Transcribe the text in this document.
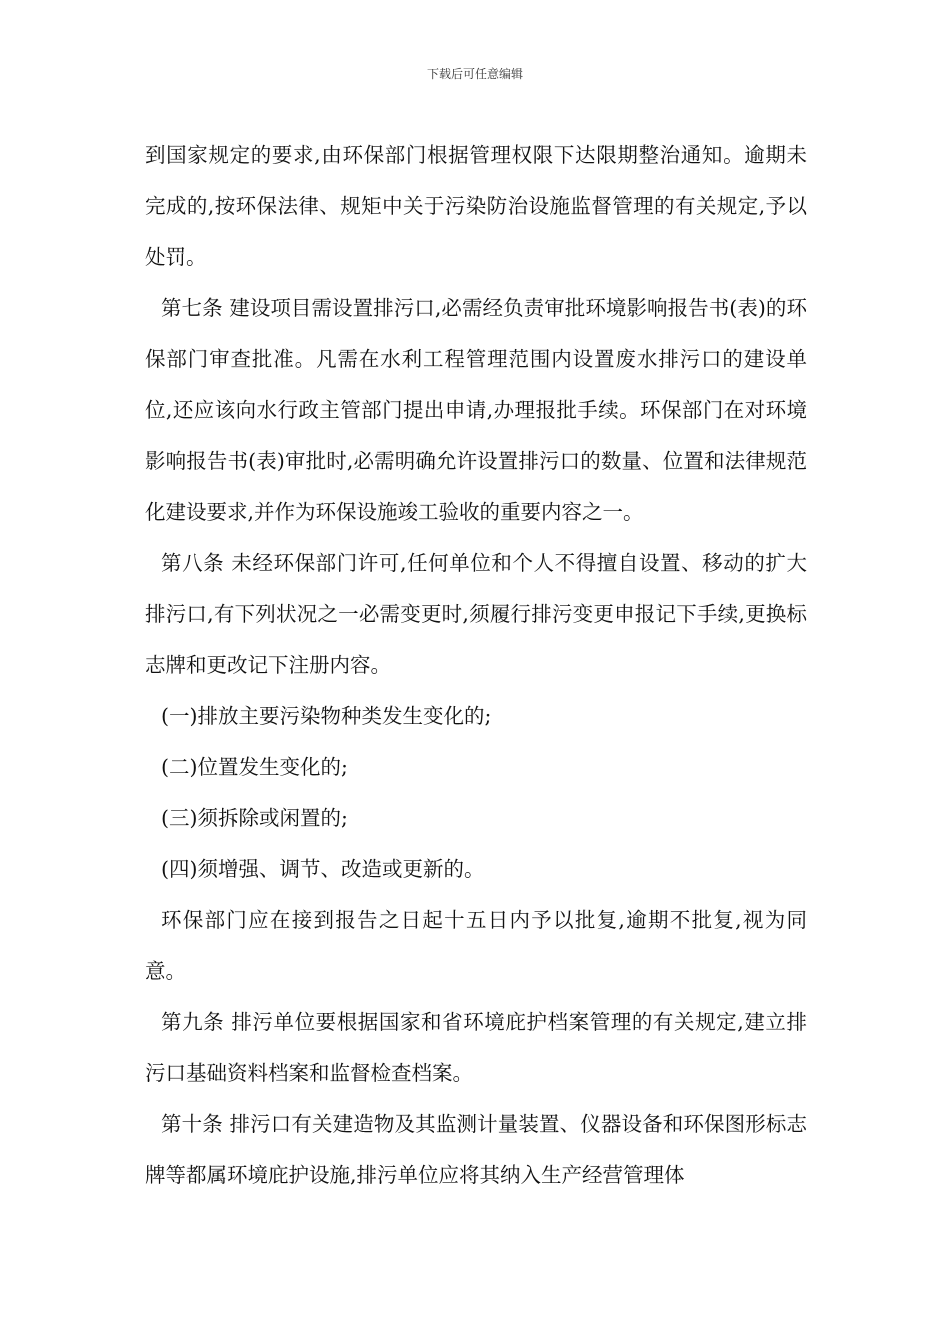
下载后可任意编辑

到国家规定的要求,由环保部门根据管理权限下达限期整治通知。逾期未完成的,按环保法律、规矩中关于污染防治设施监督管理的有关规定,予以处罚。

第七条 建设项目需设置排污口,必需经负责审批环境影响报告书(表)的环保部门审查批准。凡需在水利工程管理范围内设置废水排污口的建设单位,还应该向水行政主管部门提出申请,办理报批手续。环保部门在对环境影响报告书(表)审批时,必需明确允许设置排污口的数量、位置和法律规范化建设要求,并作为环保设施竣工验收的重要内容之一。

第八条 未经环保部门许可,任何单位和个人不得擅自设置、移动的扩大排污口,有下列状况之一必需变更时,须履行排污变更申报记下手续,更换标志牌和更改记下注册内容。

(一)排放主要污染物种类发生变化的;

(二)位置发生变化的;

(三)须拆除或闲置的;

(四)须增强、调节、改造或更新的。

环保部门应在接到报告之日起十五日内予以批复,逾期不批复,视为同意。

第九条 排污单位要根据国家和省环境庇护档案管理的有关规定,建立排污口基础资料档案和监督检查档案。

第十条 排污口有关建造物及其监测计量装置、仪器设备和环保图形标志牌等都属环境庇护设施,排污单位应将其纳入生产经营管理体
